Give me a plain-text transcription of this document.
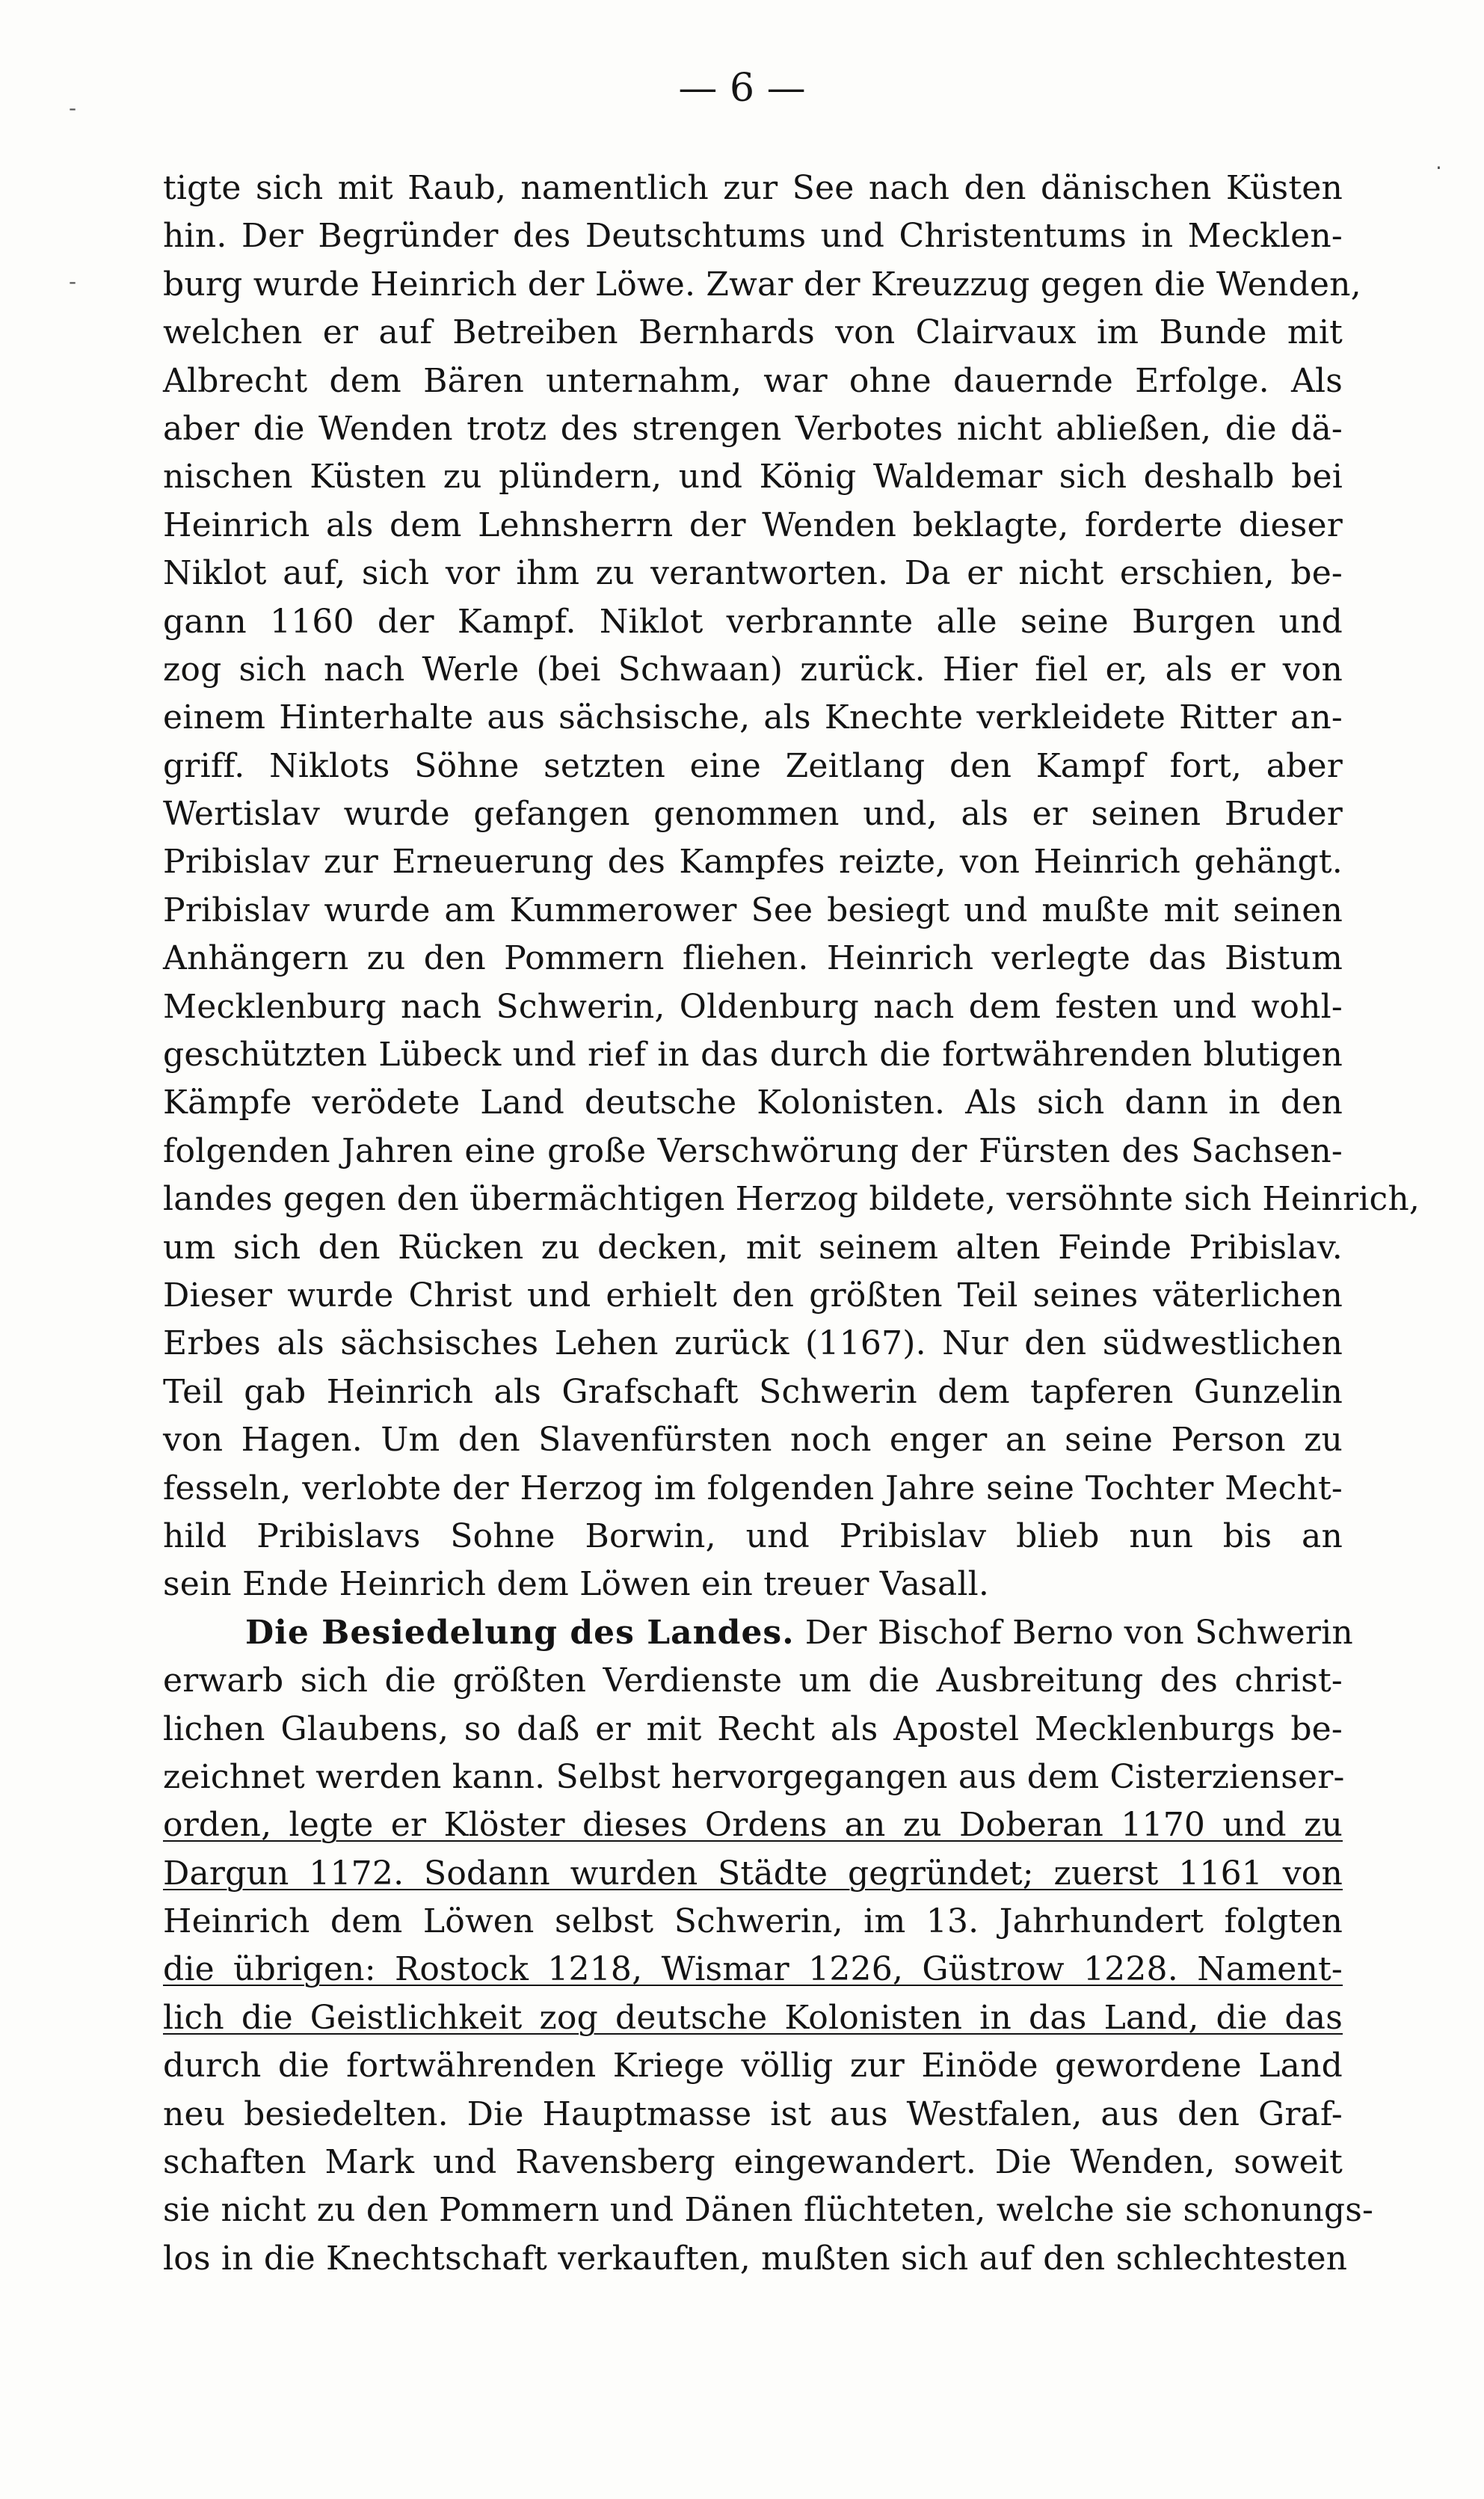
— 6 —
tigte sich mit Raub, namentlich zur See nach den dänischen Küsten
hin. Der Begründer des Deutschtums und Christentums in Mecklen-
burg wurde Heinrich der Löwe. Zwar der Kreuzzug gegen die Wenden,
welchen er auf Betreiben Bernhards von Clairvaux im Bunde mit
Albrecht dem Bären unternahm, war ohne dauernde Erfolge. Als
aber die Wenden trotz des strengen Verbotes nicht abließen, die dä-
nischen Küsten zu plündern, und König Waldemar sich deshalb bei
Heinrich als dem Lehnsherrn der Wenden beklagte, forderte dieser
Niklot auf, sich vor ihm zu verantworten. Da er nicht erschien, be-
gann 1160 der Kampf. Niklot verbrannte alle seine Burgen und
zog sich nach Werle (bei Schwaan) zurück. Hier fiel er, als er von
einem Hinterhalte aus sächsische, als Knechte verkleidete Ritter an-
griff. Niklots Söhne setzten eine Zeitlang den Kampf fort, aber
Wertislav wurde gefangen genommen und, als er seinen Bruder
Pribislav zur Erneuerung des Kampfes reizte, von Heinrich gehängt.
Pribislav wurde am Kummerower See besiegt und mußte mit seinen
Anhängern zu den Pommern fliehen. Heinrich verlegte das Bistum
Mecklenburg nach Schwerin, Oldenburg nach dem festen und wohl-
geschützten Lübeck und rief in das durch die fortwährenden blutigen
Kämpfe verödete Land deutsche Kolonisten. Als sich dann in den
folgenden Jahren eine große Verschwörung der Fürsten des Sachsen-
landes gegen den übermächtigen Herzog bildete, versöhnte sich Heinrich,
um sich den Rücken zu decken, mit seinem alten Feinde Pribislav.
Dieser wurde Christ und erhielt den größten Teil seines väterlichen
Erbes als sächsisches Lehen zurück (1167). Nur den südwestlichen
Teil gab Heinrich als Grafschaft Schwerin dem tapferen Gunzelin
von Hagen. Um den Slavenfürsten noch enger an seine Person zu
fesseln, verlobte der Herzog im folgenden Jahre seine Tochter Mecht-
hild Pribislavs Sohne Borwin, und Pribislav blieb nun bis an
sein Ende Heinrich dem Löwen ein treuer Vasall.
Die Besiedelung des Landes. Der Bischof Berno von Schwerin
erwarb sich die größten Verdienste um die Ausbreitung des christ-
lichen Glaubens, so daß er mit Recht als Apostel Mecklenburgs be-
zeichnet werden kann. Selbst hervorgegangen aus dem Cisterzienser-
orden, legte er Klöster dieses Ordens an zu Doberan 1170 und zu
Dargun 1172. Sodann wurden Städte gegründet; zuerst 1161 von
Heinrich dem Löwen selbst Schwerin, im 13. Jahrhundert folgten
die übrigen: Rostock 1218, Wismar 1226, Güstrow 1228. Nament-
lich die Geistlichkeit zog deutsche Kolonisten in das Land, die das
durch die fortwährenden Kriege völlig zur Einöde gewordene Land
neu besiedelten. Die Hauptmasse ist aus Westfalen, aus den Graf-
schaften Mark und Ravensberg eingewandert. Die Wenden, soweit
sie nicht zu den Pommern und Dänen flüchteten, welche sie schonungs-
los in die Knechtschaft verkauften, mußten sich auf den schlechtesten
-
-
.
